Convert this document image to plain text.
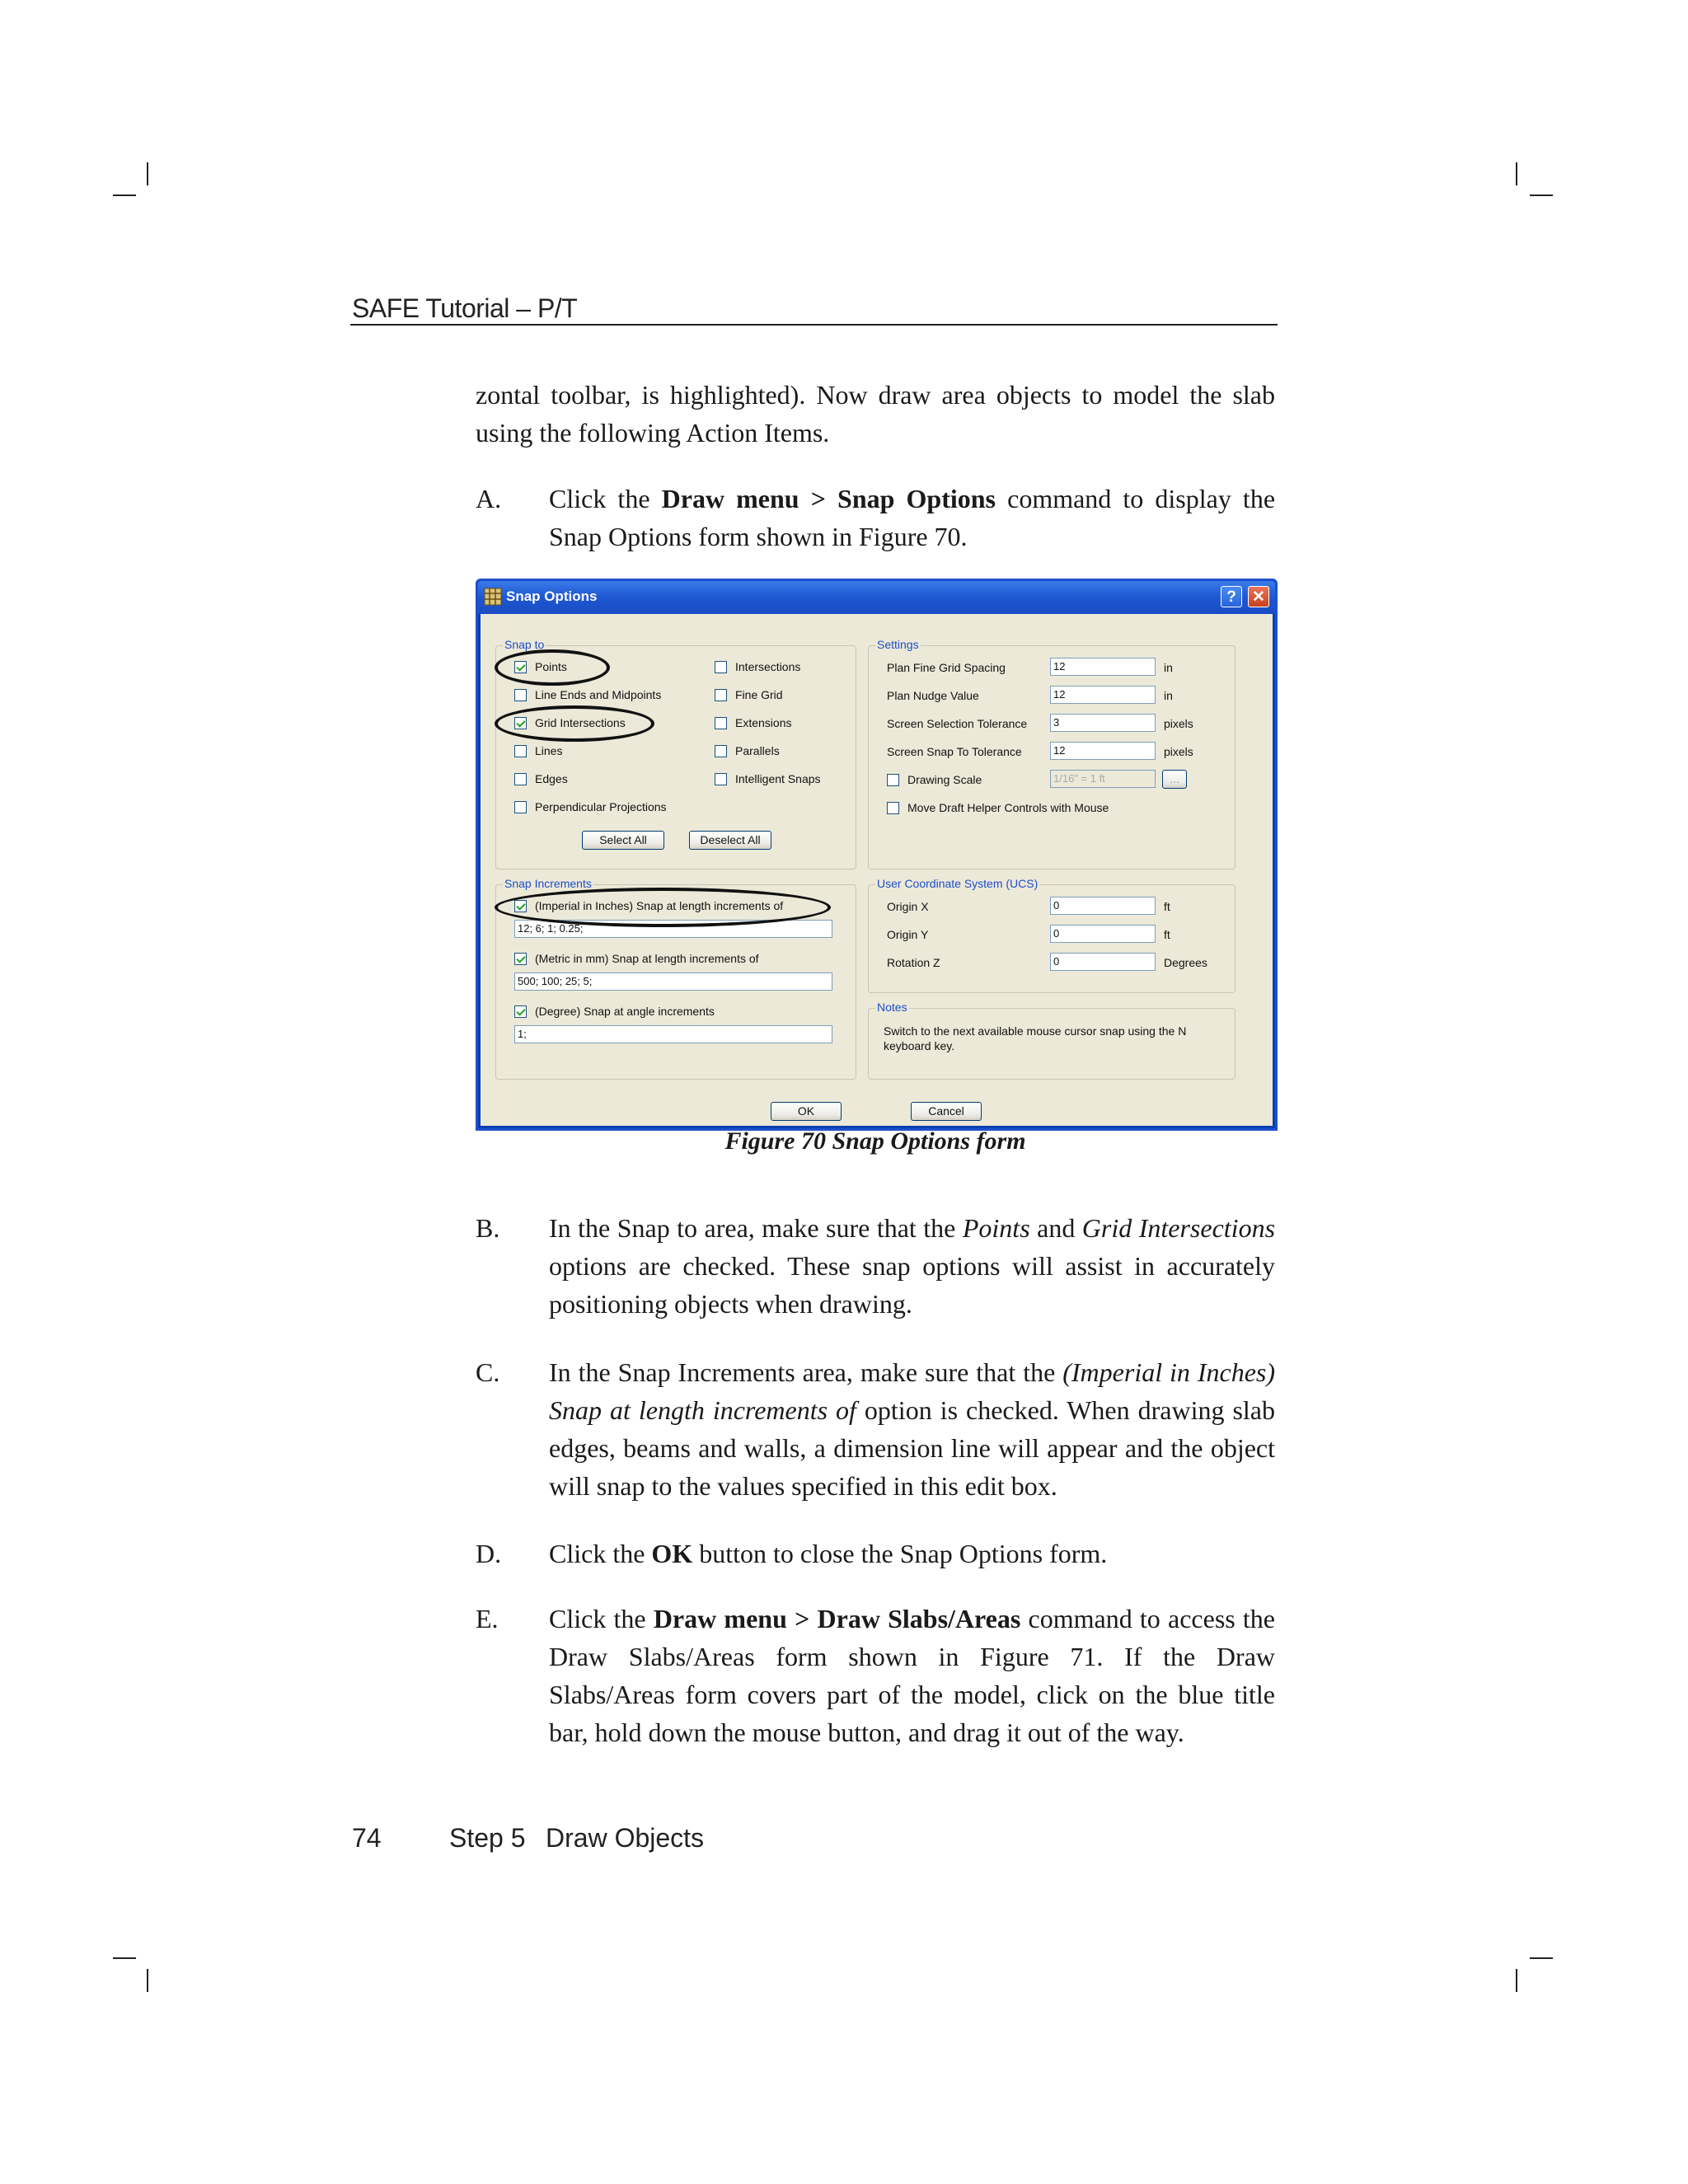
SAFE Tutorial – P/T
zontal toolbar, is highlighted). Now draw area objects to model the slab using the following Action Items.
A. Click the Draw menu > Snap Options command to display the Snap Options form shown in Figure 70.
Snap Options	?	✕
Snap to
Points
Line Ends and Midpoints
Grid Intersections
Lines
Edges
Perpendicular Projections
Intersections
Fine Grid
Extensions
Parallels
Intelligent Snaps
Select All	Deselect All
Settings
Plan Fine Grid Spacing	12	in
Plan Nudge Value	12	in
Screen Selection Tolerance	3	pixels
Screen Snap To Tolerance	12	pixels
Drawing Scale	1/16" = 1 ft	...
Move Draft Helper Controls with Mouse
Snap Increments
(Imperial in Inches) Snap at length increments of
12; 6; 1; 0.25;
(Metric in mm) Snap at length increments of
500; 100; 25; 5;
(Degree) Snap at angle increments
1;
User Coordinate System (UCS)
Origin X	0	ft
Origin Y	0	ft
Rotation Z	0	Degrees
Notes
Switch to the next available mouse cursor snap using the N keyboard key.
OK	Cancel
Figure 70 Snap Options form
B. In the Snap to area, make sure that the Points and Grid Intersections options are checked. These snap options will assist in accurately positioning objects when drawing.
C. In the Snap Increments area, make sure that the (Imperial in Inches) Snap at length increments of option is checked. When drawing slab edges, beams and walls, a dimension line will appear and the object will snap to the values specified in this edit box.
D. Click the OK button to close the Snap Options form.
E. Click the Draw menu > Draw Slabs/Areas command to access the Draw Slabs/Areas form shown in Figure 71. If the Draw Slabs/Areas form covers part of the model, click on the blue title bar, hold down the mouse button, and drag it out of the way.
74	Step 5 Draw Objects
